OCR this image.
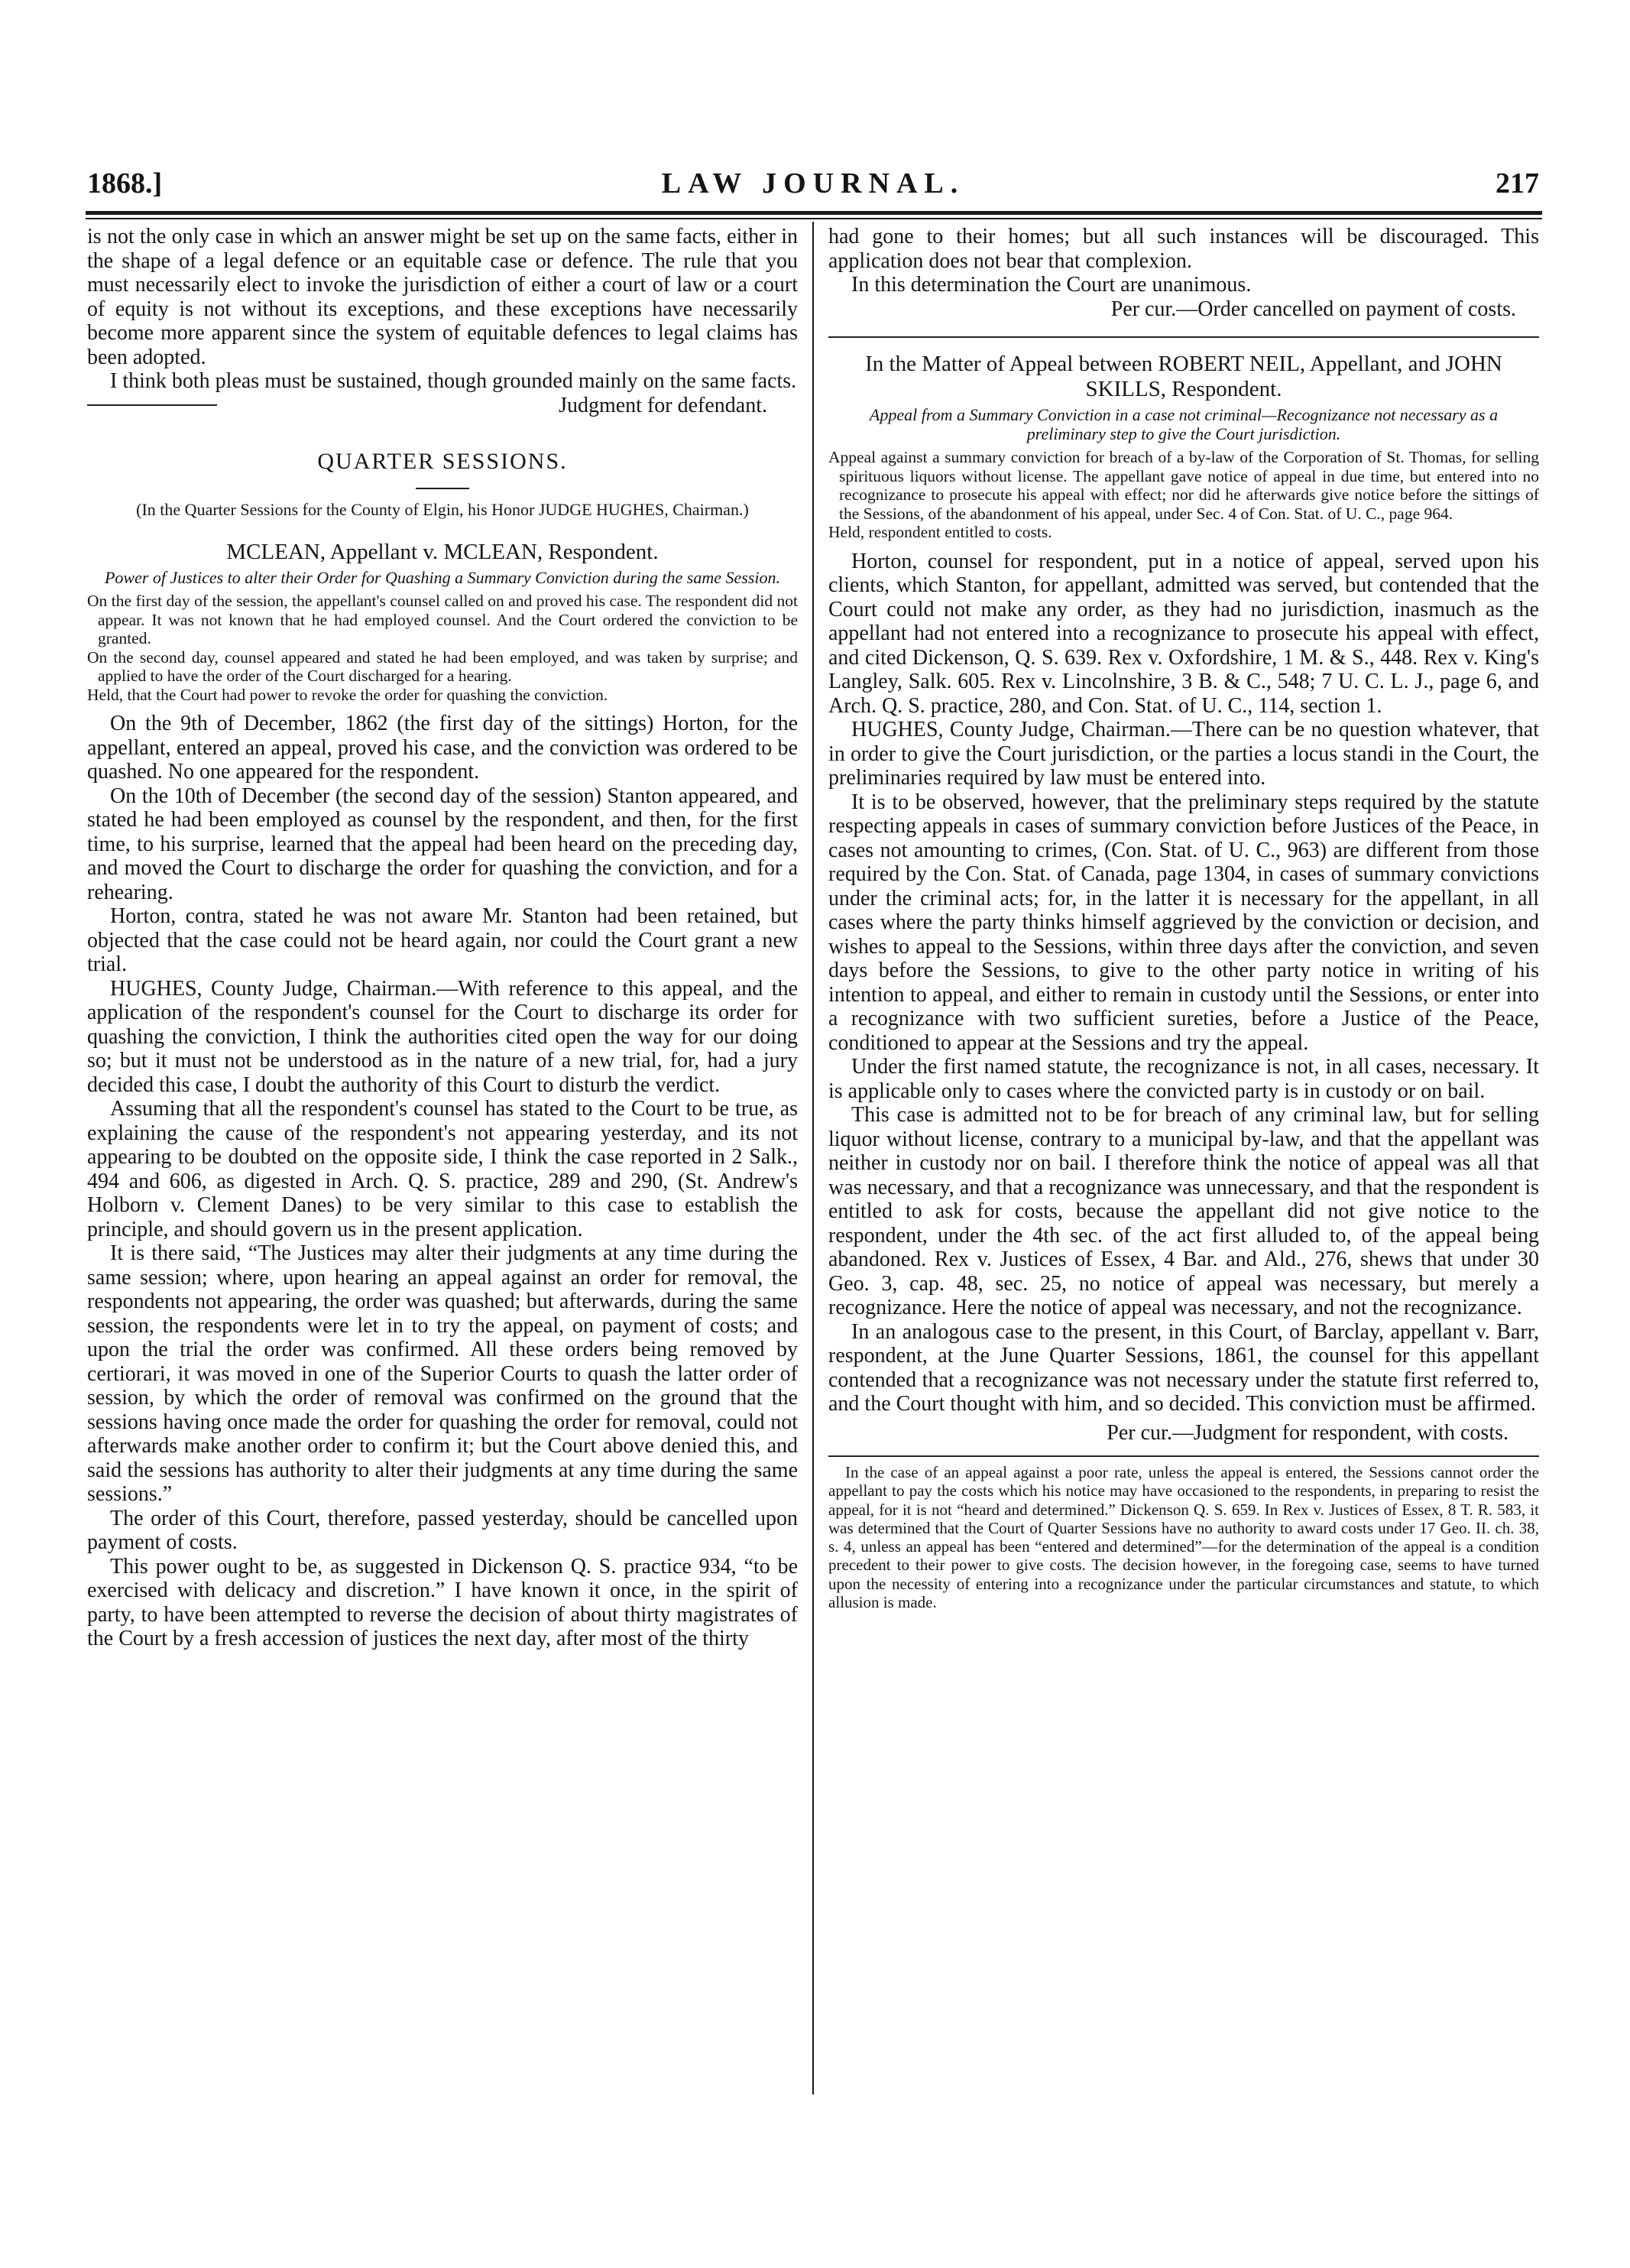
1868.]	LAW JOURNAL.	217

is not the only case in which an answer might be set up on the same facts, either in the shape of a legal defence or an equitable case or defence. The rule that you must necessarily elect to invoke the jurisdiction of either a court of law or a court of equity is not without its exceptions, and these exceptions have necessarily become more apparent since the system of equitable defences to legal claims has been adopted.

I think both pleas must be sustained, though grounded mainly on the same facts.

Judgment for defendant.

QUARTER SESSIONS.

(In the Quarter Sessions for the County of Elgin, his Honor JUDGE HUGHES, Chairman.)

MCLEAN, Appellant v. MCLEAN, Respondent.

Power of Justices to alter their Order for Quashing a Summary Conviction during the same Session.

On the first day of the session, the appellant's counsel called on and proved his case. The respondent did not appear. It was not known that he had employed counsel. And the Court ordered the conviction to be granted.

On the second day, counsel appeared and stated he had been employed, and was taken by surprise; and applied to have the order of the Court discharged for a hearing.

Held, that the Court had power to revoke the order for quashing the conviction.

On the 9th of December, 1862 (the first day of the sittings) Horton, for the appellant, entered an appeal, proved his case, and the conviction was ordered to be quashed. No one appeared for the respondent.

On the 10th of December (the second day of the session) Stanton appeared, and stated he had been employed as counsel by the respondent, and then, for the first time, to his surprise, learned that the appeal had been heard on the preceding day, and moved the Court to discharge the order for quashing the conviction, and for a rehearing.

Horton, contra, stated he was not aware Mr. Stanton had been retained, but objected that the case could not be heard again, nor could the Court grant a new trial.

HUGHES, County Judge, Chairman.—With reference to this appeal, and the application of the respondent's counsel for the Court to discharge its order for quashing the conviction, I think the authorities cited open the way for our doing so; but it must not be understood as in the nature of a new trial, for, had a jury decided this case, I doubt the authority of this Court to disturb the verdict.

Assuming that all the respondent's counsel has stated to the Court to be true, as explaining the cause of the respondent's not appearing yesterday, and its not appearing to be doubted on the opposite side, I think the case reported in 2 Salk., 494 and 606, as digested in Arch. Q. S. practice, 289 and 290, (St. Andrew's Holborn v. Clement Danes) to be very similar to this case to establish the principle, and should govern us in the present application.

It is there said, “The Justices may alter their judgments at any time during the same session; where, upon hearing an appeal against an order for removal, the respondents not appearing, the order was quashed; but afterwards, during the same session, the respondents were let in to try the appeal, on payment of costs; and upon the trial the order was confirmed. All these orders being removed by certiorari, it was moved in one of the Superior Courts to quash the latter order of session, by which the order of removal was confirmed on the ground that the sessions having once made the order for quashing the order for removal, could not afterwards make another order to confirm it; but the Court above denied this, and said the sessions has authority to alter their judgments at any time during the same sessions.”

The order of this Court, therefore, passed yesterday, should be cancelled upon payment of costs.

This power ought to be, as suggested in Dickenson Q. S. practice 934, “to be exercised with delicacy and discretion.” I have known it once, in the spirit of party, to have been attempted to reverse the decision of about thirty magistrates of the Court by a fresh accession of justices the next day, after most of the thirty

had gone to their homes; but all such instances will be discouraged. This application does not bear that complexion.

In this determination the Court are unanimous.

Per cur.—Order cancelled on payment of costs.

In the Matter of Appeal between ROBERT NEIL, Appellant, and JOHN SKILLS, Respondent.

Appeal from a Summary Conviction in a case not criminal—Recognizance not necessary as a preliminary step to give the Court jurisdiction.

Appeal against a summary conviction for breach of a by-law of the Corporation of St. Thomas, for selling spirituous liquors without license. The appellant gave notice of appeal in due time, but entered into no recognizance to prosecute his appeal with effect; nor did he afterwards give notice before the sittings of the Sessions, of the abandonment of his appeal, under Sec. 4 of Con. Stat. of U. C., page 964.

Held, respondent entitled to costs.

Horton, counsel for respondent, put in a notice of appeal, served upon his clients, which Stanton, for appellant, admitted was served, but contended that the Court could not make any order, as they had no jurisdiction, inasmuch as the appellant had not entered into a recognizance to prosecute his appeal with effect, and cited Dickenson, Q. S. 639. Rex v. Oxfordshire, 1 M. & S., 448. Rex v. King's Langley, Salk. 605. Rex v. Lincolnshire, 3 B. & C., 548; 7 U. C. L. J., page 6, and Arch. Q. S. practice, 280, and Con. Stat. of U. C., 114, section 1.

HUGHES, County Judge, Chairman.—There can be no question whatever, that in order to give the Court jurisdiction, or the parties a locus standi in the Court, the preliminaries required by law must be entered into.

It is to be observed, however, that the preliminary steps required by the statute respecting appeals in cases of summary conviction before Justices of the Peace, in cases not amounting to crimes, (Con. Stat. of U. C., 963) are different from those required by the Con. Stat. of Canada, page 1304, in cases of summary convictions under the criminal acts; for, in the latter it is necessary for the appellant, in all cases where the party thinks himself aggrieved by the conviction or decision, and wishes to appeal to the Sessions, within three days after the conviction, and seven days before the Sessions, to give to the other party notice in writing of his intention to appeal, and either to remain in custody until the Sessions, or enter into a recognizance with two sufficient sureties, before a Justice of the Peace, conditioned to appear at the Sessions and try the appeal.

Under the first named statute, the recognizance is not, in all cases, necessary. It is applicable only to cases where the convicted party is in custody or on bail.

This case is admitted not to be for breach of any criminal law, but for selling liquor without license, contrary to a municipal by-law, and that the appellant was neither in custody nor on bail. I therefore think the notice of appeal was all that was necessary, and that a recognizance was unnecessary, and that the respondent is entitled to ask for costs, because the appellant did not give notice to the respondent, under the 4th sec. of the act first alluded to, of the appeal being abandoned. Rex v. Justices of Essex, 4 Bar. and Ald., 276, shews that under 30 Geo. 3, cap. 48, sec. 25, no notice of appeal was necessary, but merely a recognizance. Here the notice of appeal was necessary, and not the recognizance.

In an analogous case to the present, in this Court, of Barclay, appellant v. Barr, respondent, at the June Quarter Sessions, 1861, the counsel for this appellant contended that a recognizance was not necessary under the statute first referred to, and the Court thought with him, and so decided. This conviction must be affirmed.

Per cur.—Judgment for respondent, with costs.

In the case of an appeal against a poor rate, unless the appeal is entered, the Sessions cannot order the appellant to pay the costs which his notice may have occasioned to the respondents, in preparing to resist the appeal, for it is not “heard and determined.” Dickenson Q. S. 659. In Rex v. Justices of Essex, 8 T. R. 583, it was determined that the Court of Quarter Sessions have no authority to award costs under 17 Geo. II. ch. 38, s. 4, unless an appeal has been “entered and determined”—for the determination of the appeal is a condition precedent to their power to give costs. The decision however, in the foregoing case, seems to have turned upon the necessity of entering into a recognizance under the particular circumstances and statute, to which allusion is made.
